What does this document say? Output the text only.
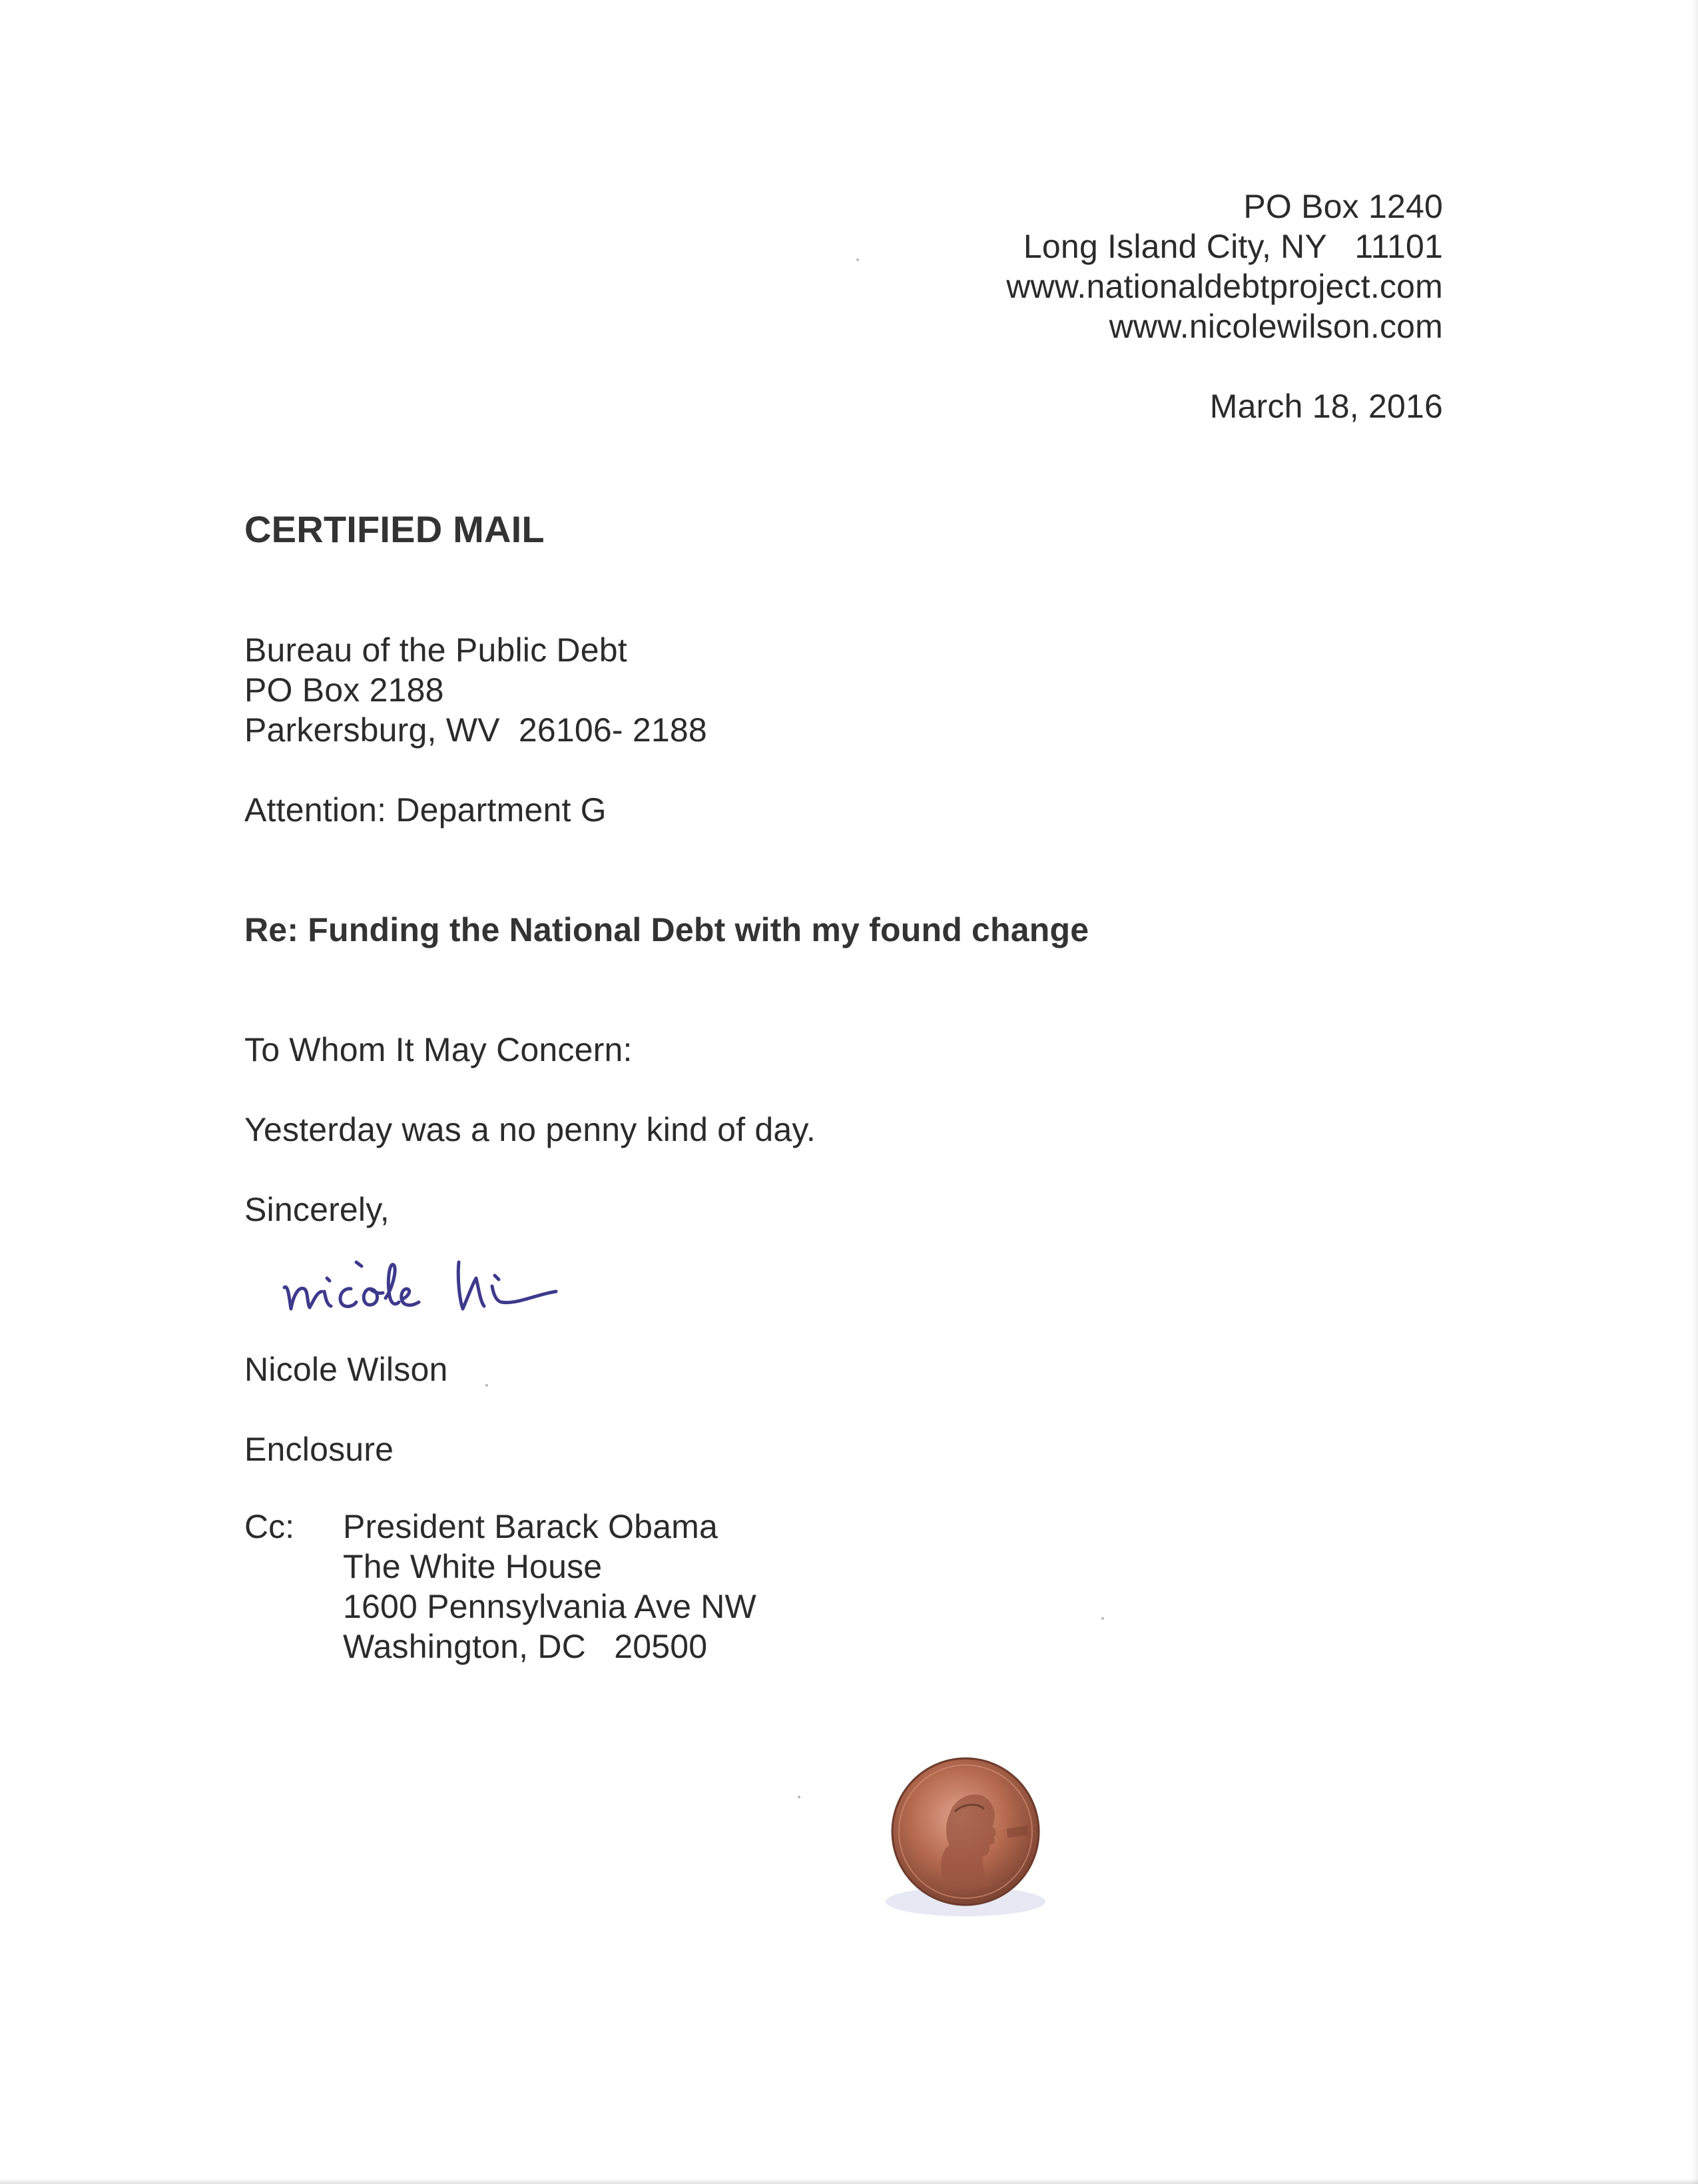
PO Box 1240
Long Island City, NY   11101
www.nationaldebtproject.com
www.nicolewilson.com
March 18, 2016
CERTIFIED MAIL
Bureau of the Public Debt
PO Box 2188
Parkersburg, WV  26106- 2188
Attention: Department G
Re: Funding the National Debt with my found change
To Whom It May Concern:
Yesterday was a no penny kind of day.
Sincerely,
Nicole Wilson
Enclosure
Cc: President Barack Obama
The White House
1600 Pennsylvania Ave NW
Washington, DC   20500
